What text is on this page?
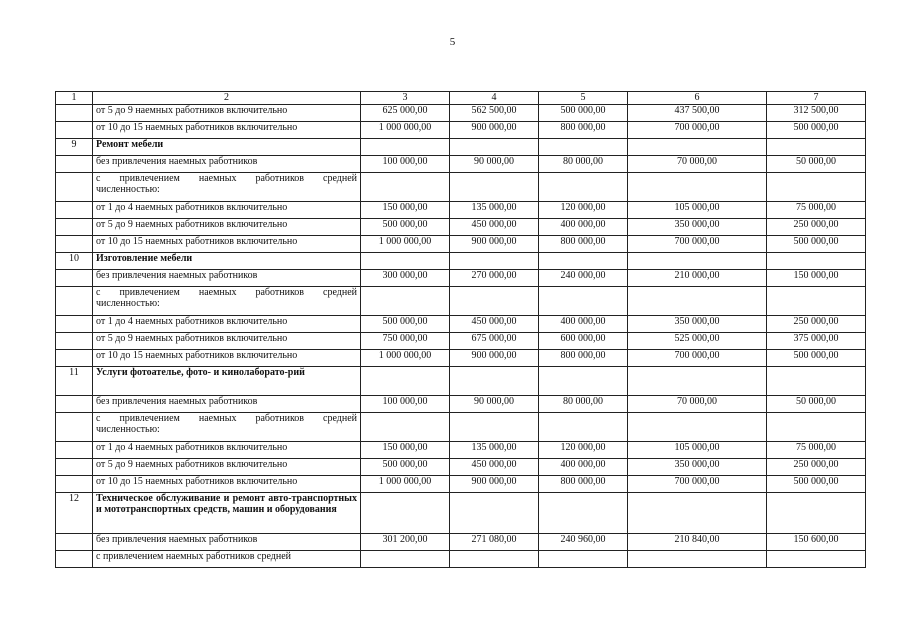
5
1	2	3	4	5	6	7
	от 5 до 9 наемных работников включительно	625 000,00	562 500,00	500 000,00	437 500,00	312 500,00
	от 10 до 15 наемных работников включительно	1 000 000,00	900 000,00	800 000,00	700 000,00	500 000,00
9	Ремонт мебели					
	без привлечения наемных работников	100 000,00	90 000,00	80 000,00	70 000,00	50 000,00
	с привлечением наемных работников средней численностью:					
	от 1 до 4 наемных работников включительно	150 000,00	135 000,00	120 000,00	105 000,00	75 000,00
	от 5 до 9 наемных работников включительно	500 000,00	450 000,00	400 000,00	350 000,00	250 000,00
	от 10 до 15 наемных работников включительно	1 000 000,00	900 000,00	800 000,00	700 000,00	500 000,00
10	Изготовление мебели					
	без привлечения наемных работников	300 000,00	270 000,00	240 000,00	210 000,00	150 000,00
	с привлечением наемных работников средней численностью:					
	от 1 до 4 наемных работников включительно	500 000,00	450 000,00	400 000,00	350 000,00	250 000,00
	от 5 до 9 наемных работников включительно	750 000,00	675 000,00	600 000,00	525 000,00	375 000,00
	от 10 до 15 наемных работников включительно	1 000 000,00	900 000,00	800 000,00	700 000,00	500 000,00
11	Услуги фотоателье, фото- и кинолаборато-рий					
	без привлечения наемных работников	100 000,00	90 000,00	80 000,00	70 000,00	50 000,00
	с привлечением наемных работников средней численностью:					
	от 1 до 4 наемных работников включительно	150 000,00	135 000,00	120 000,00	105 000,00	75 000,00
	от 5 до 9 наемных работников включительно	500 000,00	450 000,00	400 000,00	350 000,00	250 000,00
	от 10 до 15 наемных работников включительно	1 000 000,00	900 000,00	800 000,00	700 000,00	500 000,00
12	Техническое обслуживание и ремонт авто-транспортных и мототранспортных средств, машин и оборудования					
	без привлечения наемных работников	301 200,00	271 080,00	240 960,00	210 840,00	150 600,00
	с привлечением наемных работников средней					
